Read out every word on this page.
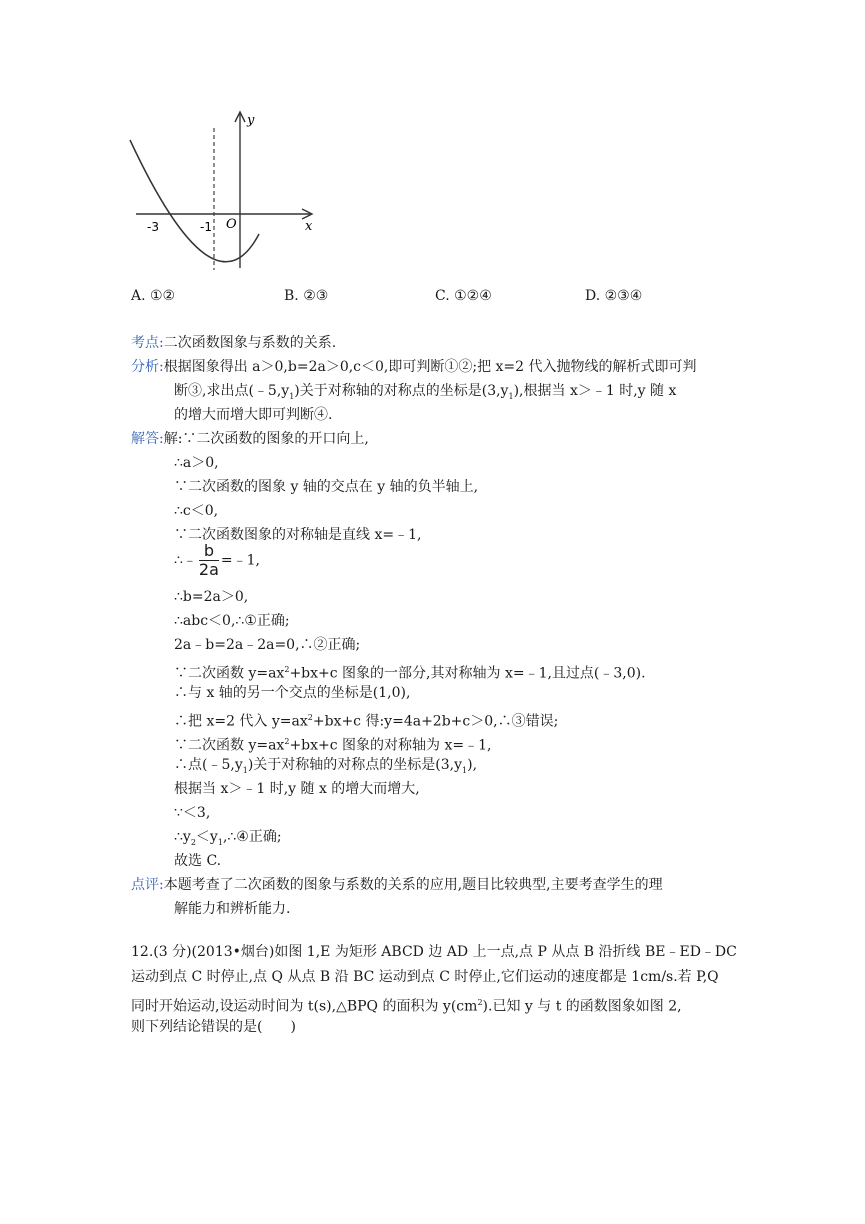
y
x
O
-3	-1
A. ①②	B. ②③	C. ①②④	D. ②③④
考点:二次函数图象与系数的关系.
分析:根据图象得出 a＞0,b=2a＞0,c＜0,即可判断①②;把 x=2 代入抛物线的解析式即可判
断③,求出点$(﹣5,y_1)$关于对称轴的对称点的坐标是$(3,y_1)$,根据当 x＞﹣1 时,y 随 x
的增大而增大即可判断④.
解答:解:∵二次函数的图象的开口向上,
∴a＞0,
∵二次函数的图象 y 轴的交点在 y 轴的负半轴上,
∴c＜0,
∵二次函数图象的对称轴是直线 x=﹣1,
∴﹣ $\frac{b}{2a}$ =﹣1,
∴b=2a＞0,
∴abc＜0,∴①正确;
2a﹣b=2a﹣2a=0,∴②正确;
∵二次函数 $y=ax^2+bx+c$ 图象的一部分,其对称轴为 x=﹣1,且过点(﹣3,0).
∴与 x 轴的另一个交点的坐标是(1,0),
∴把 x=2 代入 $y=ax^2+bx+c$ 得:y=4a+2b+c＞0,∴③错误;
∵二次函数 $y=ax^2+bx+c$ 图象的对称轴为 x=﹣1,
∴点$(﹣5,y_1)$关于对称轴的对称点的坐标是$(3,y_1)$,
根据当 x＞﹣1 时,y 随 x 的增大而增大,
∵＜3,
$\therefore y_2<y_1,\therefore ④$正确;
故选 C.
点评:本题考查了二次函数的图象与系数的关系的应用,题目比较典型,主要考查学生的理
解能力和辨析能力.
12.(3 分)(2013•烟台)如图 1,E 为矩形 ABCD 边 AD 上一点,点 P 从点 B 沿折线 BE﹣ED﹣DC
运动到点 C 时停止,点 Q 从点 B 沿 BC 运动到点 C 时停止,它们运动的速度都是 1cm/s.若 P,Q
同时开始运动,设运动时间为 t(s),△BPQ 的面积为 $y(cm^2)$.已知 y 与 t 的函数图象如图 2,
则下列结论错误的是(　　)
